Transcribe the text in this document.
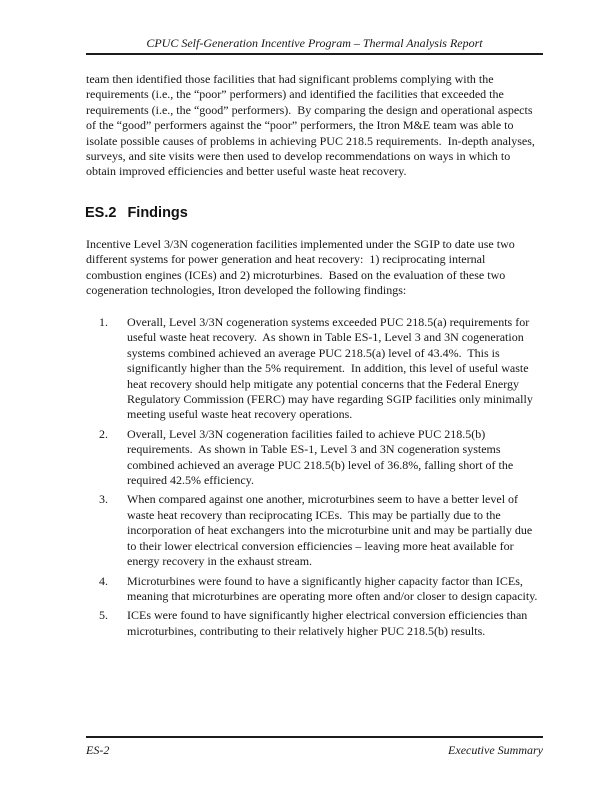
CPUC Self-Generation Incentive Program – Thermal Analysis Report
team then identified those facilities that had significant problems complying with the requirements (i.e., the “poor” performers) and identified the facilities that exceeded the requirements (i.e., the “good” performers).  By comparing the design and operational aspects of the “good” performers against the “poor” performers, the Itron M&E team was able to isolate possible causes of problems in achieving PUC 218.5 requirements.  In-depth analyses, surveys, and site visits were then used to develop recommendations on ways in which to obtain improved efficiencies and better useful waste heat recovery.
ES.2 Findings
Incentive Level 3/3N cogeneration facilities implemented under the SGIP to date use two different systems for power generation and heat recovery:  1) reciprocating internal combustion engines (ICEs) and 2) microturbines.  Based on the evaluation of these two cogeneration technologies, Itron developed the following findings:
1.	Overall, Level 3/3N cogeneration systems exceeded PUC 218.5(a) requirements for useful waste heat recovery.  As shown in Table ES-1, Level 3 and 3N cogeneration systems combined achieved an average PUC 218.5(a) level of 43.4%.  This is significantly higher than the 5% requirement.  In addition, this level of useful waste heat recovery should help mitigate any potential concerns that the Federal Energy Regulatory Commission (FERC) may have regarding SGIP facilities only minimally meeting useful waste heat recovery operations.
2.	Overall, Level 3/3N cogeneration facilities failed to achieve PUC 218.5(b) requirements.  As shown in Table ES-1, Level 3 and 3N cogeneration systems combined achieved an average PUC 218.5(b) level of 36.8%, falling short of the required 42.5% efficiency.
3.	When compared against one another, microturbines seem to have a better level of waste heat recovery than reciprocating ICEs.  This may be partially due to the incorporation of heat exchangers into the microturbine unit and may be partially due to their lower electrical conversion efficiencies – leaving more heat available for energy recovery in the exhaust stream.
4.	Microturbines were found to have a significantly higher capacity factor than ICEs, meaning that microturbines are operating more often and/or closer to design capacity.
5.	ICEs were found to have significantly higher electrical conversion efficiencies than microturbines, contributing to their relatively higher PUC 218.5(b) results.
ES-2	Executive Summary
